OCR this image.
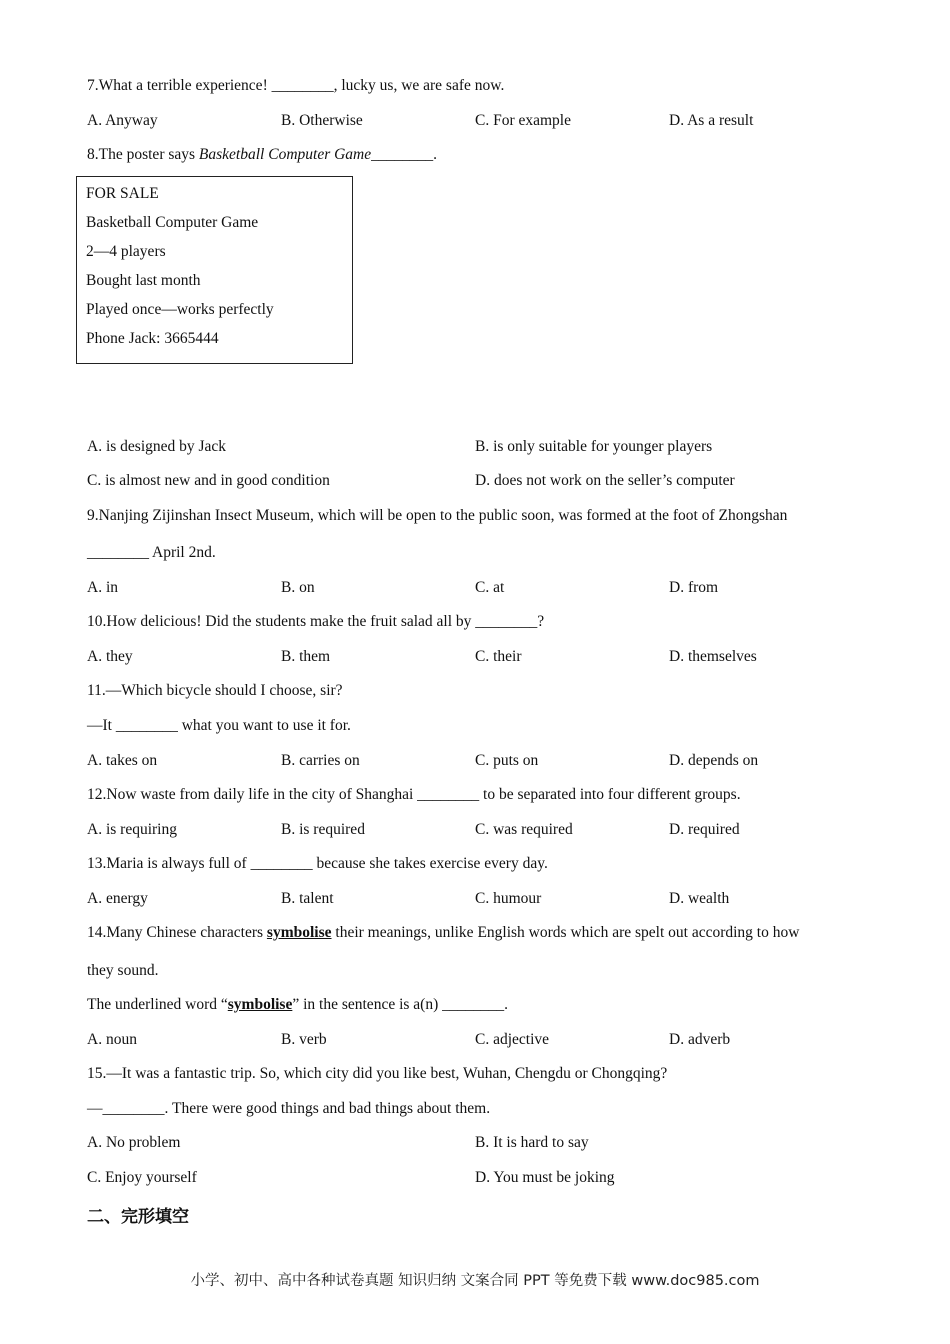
7.What a terrible experience! ________, lucky us, we are safe now.
A. Anyway	B. Otherwise	C. For example	D. As a result
8.The poster says Basketball Computer Game________.
FOR SALE
Basketball Computer Game
2—4 players
Bought last month
Played once—works perfectly
Phone Jack: 3665444
A. is designed by Jack	B. is only suitable for younger players
C. is almost new and in good condition	D. does not work on the seller’s computer
9.Nanjing Zijinshan Insect Museum, which will be open to the public soon, was formed at the foot of Zhongshan
________ April 2nd.
A. in	B. on	C. at	D. from
10.How delicious! Did the students make the fruit salad all by ________?
A. they	B. them	C. their	D. themselves
11.—Which bicycle should I choose, sir?
—It ________ what you want to use it for.
A. takes on	B. carries on	C. puts on	D. depends on
12.Now waste from daily life in the city of Shanghai ________ to be separated into four different groups.
A. is requiring	B. is required	C. was required	D. required
13.Maria is always full of ________ because she takes exercise every day.
A. energy	B. talent	C. humour	D. wealth
14.Many Chinese characters symbolise their meanings, unlike English words which are spelt out according to how
they sound.
The underlined word “symbolise” in the sentence is a(n) ________.
A. noun	B. verb	C. adjective	D. adverb
15.—It was a fantastic trip. So, which city did you like best, Wuhan, Chengdu or Chongqing?
—________. There were good things and bad things about them.
A. No problem	B. It is hard to say
C. Enjoy yourself	D. You must be joking
二、完形填空
小学、初中、高中各种试卷真题 知识归纳 文案合同 PPT 等免费下载 www.doc985.com
